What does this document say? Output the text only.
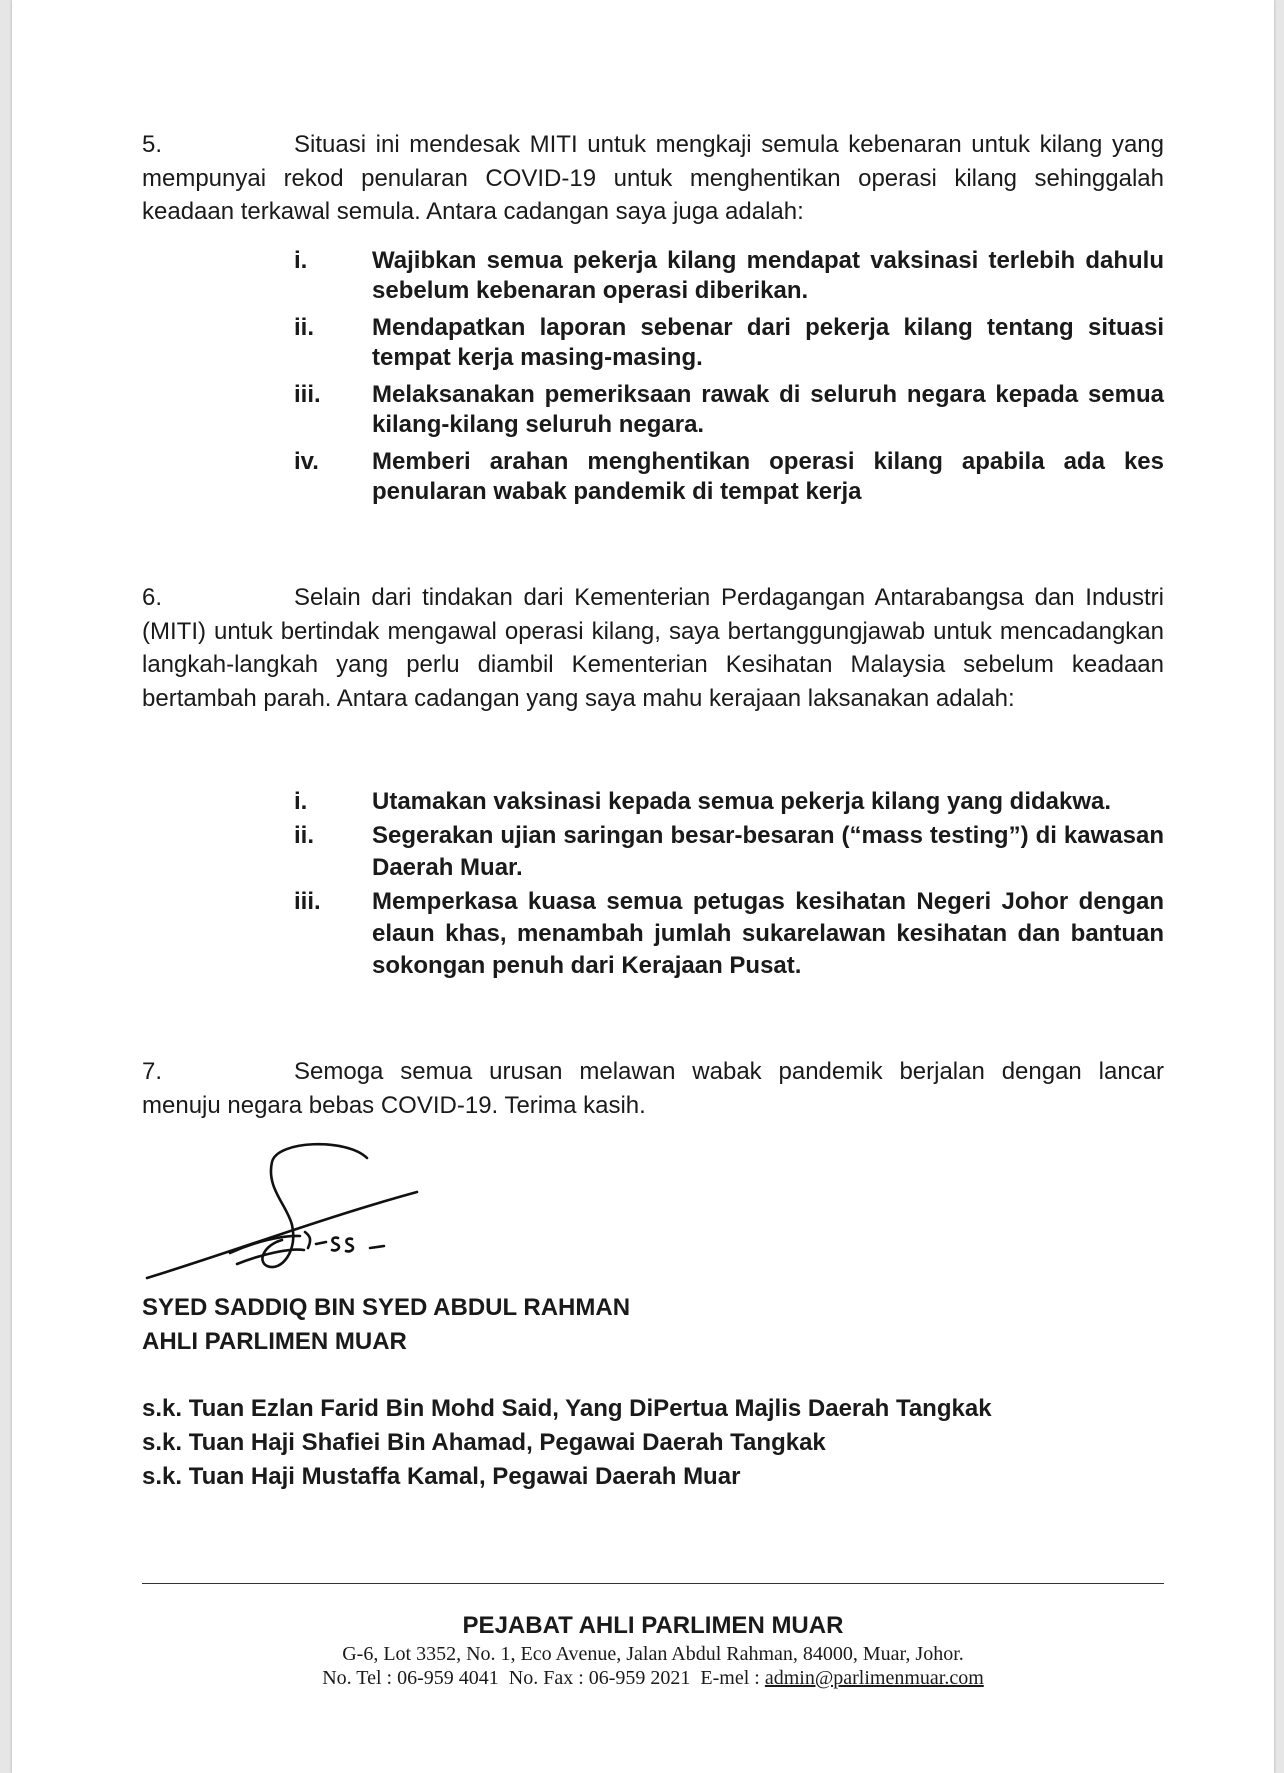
5.	Situasi ini mendesak MITI untuk mengkaji semula kebenaran untuk kilang yang mempunyai rekod penularan COVID-19 untuk menghentikan operasi kilang sehinggalah keadaan terkawal semula. Antara cadangan saya juga adalah:

i.	Wajibkan semua pekerja kilang mendapat vaksinasi terlebih dahulu sebelum kebenaran operasi diberikan.
ii.	Mendapatkan laporan sebenar dari pekerja kilang tentang situasi tempat kerja masing-masing.
iii.	Melaksanakan pemeriksaan rawak di seluruh negara kepada semua kilang-kilang seluruh negara.
iv.	Memberi arahan menghentikan operasi kilang apabila ada kes penularan wabak pandemik di tempat kerja

6.	Selain dari tindakan dari Kementerian Perdagangan Antarabangsa dan Industri (MITI) untuk bertindak mengawal operasi kilang, saya bertanggungjawab untuk mencadangkan langkah-langkah yang perlu diambil Kementerian Kesihatan Malaysia sebelum keadaan bertambah parah. Antara cadangan yang saya mahu kerajaan laksanakan adalah:

i.	Utamakan vaksinasi kepada semua pekerja kilang yang didakwa.
ii.	Segerakan ujian saringan besar-besaran (“mass testing”) di kawasan Daerah Muar.
iii.	Memperkasa kuasa semua petugas kesihatan Negeri Johor dengan elaun khas, menambah jumlah sukarelawan kesihatan dan bantuan sokongan penuh dari Kerajaan Pusat.

7.	Semoga semua urusan melawan wabak pandemik berjalan dengan lancar menuju negara bebas COVID-19. Terima kasih.

SYED SADDIQ BIN SYED ABDUL RAHMAN
AHLI PARLIMEN MUAR
s.k. Tuan Ezlan Farid Bin Mohd Said, Yang DiPertua Majlis Daerah Tangkak
s.k. Tuan Haji Shafiei Bin Ahamad, Pegawai Daerah Tangkak
s.k. Tuan Haji Mustaffa Kamal, Pegawai Daerah Muar
PEJABAT AHLI PARLIMEN MUAR
G-6, Lot 3352, No. 1, Eco Avenue, Jalan Abdul Rahman, 84000, Muar, Johor.
No. Tel : 06-959 4041  No. Fax : 06-959 2021  E-mel : admin@parlimenmuar.com
